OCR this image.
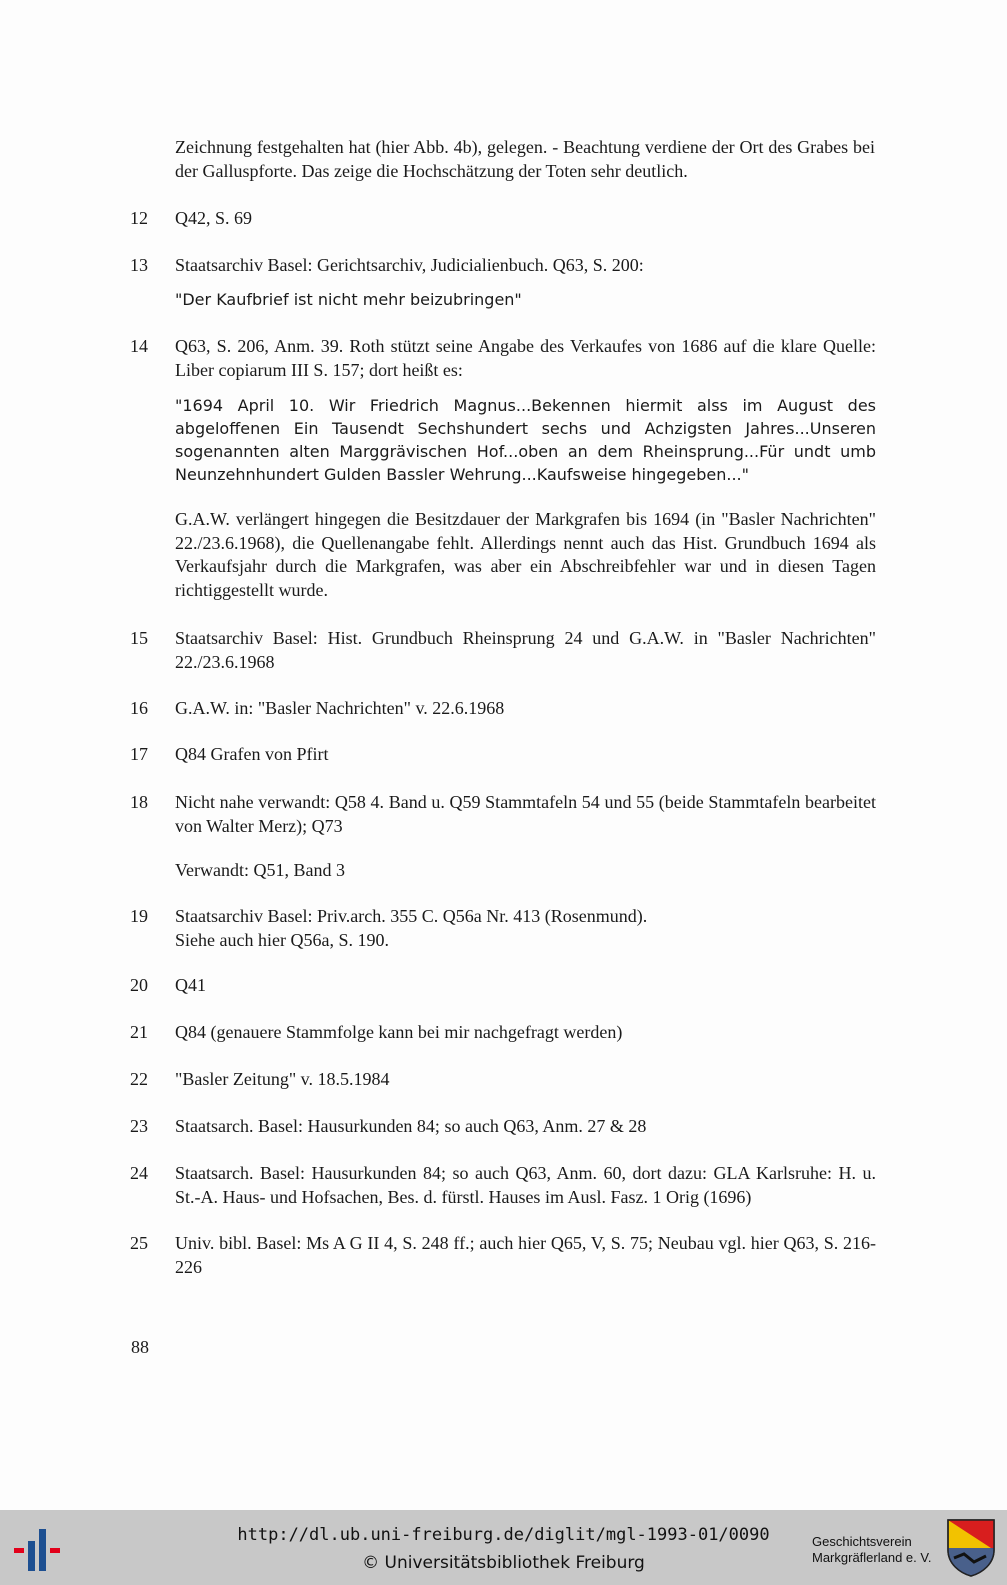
Zeichnung festgehalten hat (hier Abb. 4b), gelegen. - Beachtung verdiene der Ort des Grabes bei der Galluspforte. Das zeige die Hochschätzung der Toten sehr deutlich.
12	Q42, S. 69
13	Staatsarchiv Basel: Gerichtsarchiv, Judicialienbuch. Q63, S. 200:
"Der Kaufbrief ist nicht mehr beizubringen"
14	Q63, S. 206, Anm. 39. Roth stützt seine Angabe des Verkaufes von 1686 auf die klare Quelle: Liber copiarum III S. 157; dort heißt es:
"1694 April 10. Wir Friedrich Magnus...Bekennen hiermit alss im August des abgeloffenen Ein Tausendt Sechshundert sechs und Achzigsten Jahres...Unseren sogenannten alten Marggrävischen Hof...oben an dem Rheinsprung...Für undt umb Neunzehnhundert Gulden Bassler Wehrung...Kaufsweise hingegeben..."
G.A.W. verlängert hingegen die Besitzdauer der Markgrafen bis 1694 (in "Basler Nachrichten" 22./23.6.1968), die Quellenangabe fehlt. Allerdings nennt auch das Hist. Grundbuch 1694 als Verkaufsjahr durch die Markgrafen, was aber ein Abschreibfehler war und in diesen Tagen richtiggestellt wurde.
15	Staatsarchiv Basel: Hist. Grundbuch Rheinsprung 24 und G.A.W. in "Basler Nachrichten" 22./23.6.1968
16	G.A.W. in: "Basler Nachrichten" v. 22.6.1968
17	Q84 Grafen von Pfirt
18	Nicht nahe verwandt: Q58 4. Band u. Q59 Stammtafeln 54 und 55 (beide Stammtafeln bearbeitet von Walter Merz); Q73
Verwandt: Q51, Band 3
19	Staatsarchiv Basel: Priv.arch. 355 C. Q56a Nr. 413 (Rosenmund).
Siehe auch hier Q56a, S. 190.
20	Q41
21	Q84 (genauere Stammfolge kann bei mir nachgefragt werden)
22	"Basler Zeitung" v. 18.5.1984
23	Staatsarch. Basel: Hausurkunden 84; so auch Q63, Anm. 27 & 28
24	Staatsarch. Basel: Hausurkunden 84; so auch Q63, Anm. 60, dort dazu: GLA Karlsruhe: H. u. St.-A. Haus- und Hofsachen, Bes. d. fürstl. Hauses im Ausl. Fasz. 1 Orig (1696)
25	Univ. bibl. Basel: Ms A G II 4, S. 248 ff.; auch hier Q65, V, S. 75; Neubau vgl. hier Q63, S. 216-226
88
http://dl.ub.uni-freiburg.de/diglit/mgl-1993-01/0090
© Universitätsbibliothek Freiburg
Geschichtsverein
Markgräflerland e. V.
